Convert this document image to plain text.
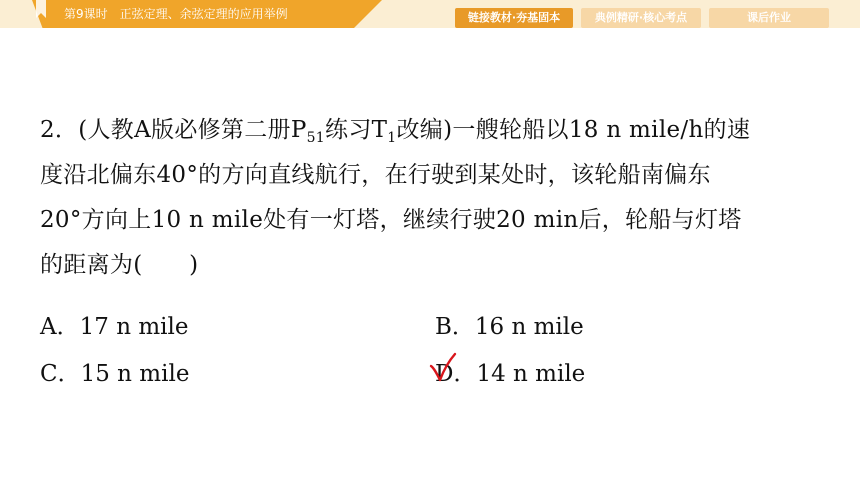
第9课时　正弦定理、余弦定理的应用举例	链接教材·夯基固本	典例精研·核心考点	课后作业
2．(人教A版必修第二册$P_{51}$练习$T_1$改编)一艘轮船以18 n mile/h的速
度沿北偏东40°的方向直线航行，在行驶到某处时，该轮船南偏东
20°方向上10 n mile处有一灯塔，继续行驶20 min后，轮船与灯塔
的距离为(　　)
A．17 n mile	B．16 n mile
C．15 n mile	D．14 n mile
